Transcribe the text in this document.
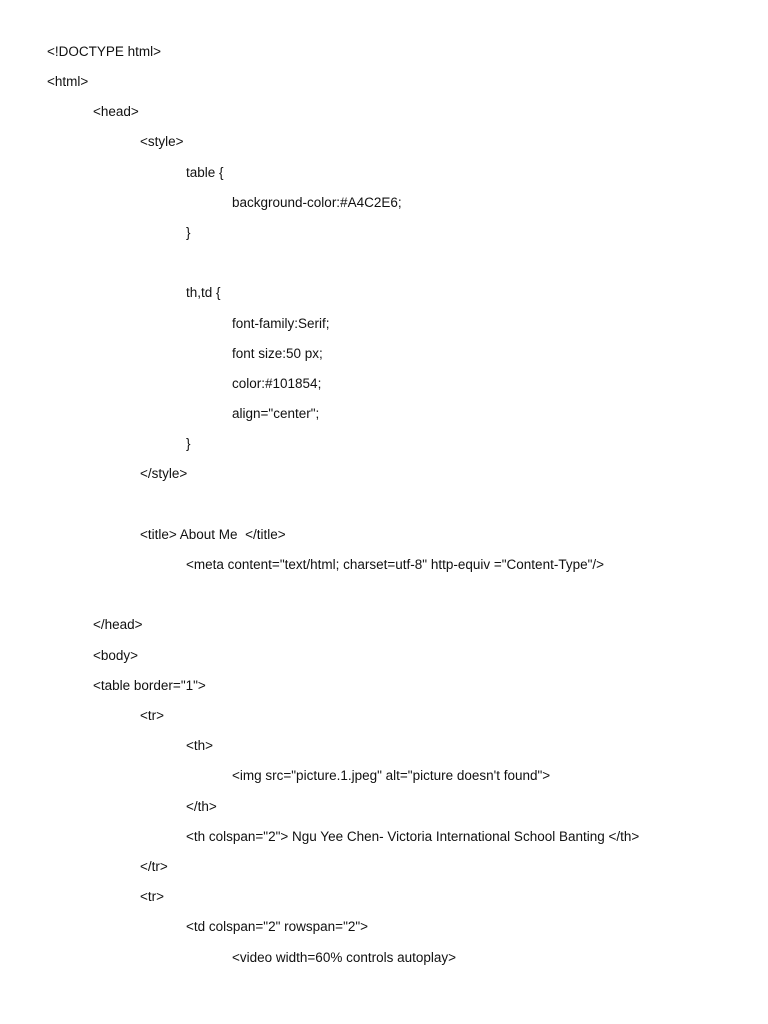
<!DOCTYPE html>
<html>
<head>
<style>
table {
background-color:#A4C2E6;
}
th,td {
font-family:Serif;
font size:50 px;
color:#101854;
align="center";
}
</style>
<title> About Me  </title>
<meta content="text/html; charset=utf-8" http-equiv ="Content-Type"/>
</head>
<body>
<table border="1">
<tr>
<th>
<img src="picture.1.jpeg" alt="picture doesn't found">
</th>
<th colspan="2"> Ngu Yee Chen- Victoria International School Banting </th>
</tr>
<tr>
<td colspan="2" rowspan="2">
<video width=60% controls autoplay>
